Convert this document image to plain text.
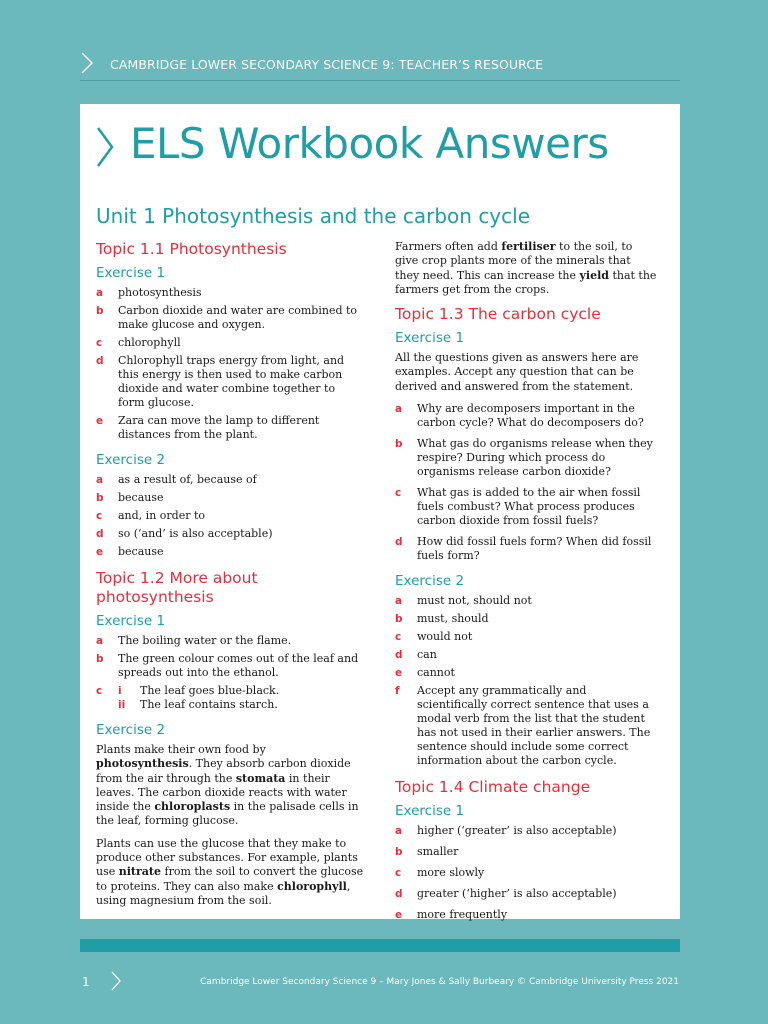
CAMBRIDGE LOWER SECONDARY SCIENCE 9: TEACHER’S RESOURCE
ELS Workbook Answers
Unit 1 Photosynthesis and the carbon cycle
Topic 1.1 Photosynthesis
Exercise 1
a photosynthesis
b Carbon dioxide and water are combined to make glucose and oxygen.
c chlorophyll
d Chlorophyll traps energy from light, and this energy is then used to make carbon dioxide and water combine together to form glucose.
e Zara can move the lamp to different distances from the plant.
Exercise 2
a as a result of, because of
b because
c and, in order to
d so (‘and’ is also acceptable)
e because
Topic 1.2 More about
photosynthesis
Exercise 1
a The boiling water or the flame.
b The green colour comes out of the leaf and spreads out into the ethanol.
c i The leaf goes blue-black.
ii The leaf contains starch.
Exercise 2

Plants make their own food by photosynthesis. They absorb carbon dioxide from the air through the stomata in their leaves. The carbon dioxide reacts with water inside the chloroplasts in the palisade cells in the leaf, forming glucose.

Plants can use the glucose that they make to produce other substances. For example, plants use nitrate from the soil to convert the glucose to proteins. They can also make chlorophyll, using magnesium from the soil.

Farmers often add fertiliser to the soil, to give crop plants more of the minerals that they need. This can increase the yield that the farmers get from the crops.

Topic 1.3 The carbon cycle
Exercise 1

All the questions given as answers here are examples. Accept any question that can be derived and answered from the statement.

a Why are decomposers important in the carbon cycle? What do decomposers do?
b What gas do organisms release when they respire? During which process do organisms release carbon dioxide?
c What gas is added to the air when fossil fuels combust? What process produces carbon dioxide from fossil fuels?
d How did fossil fuels form? When did fossil fuels form?
Exercise 2
a must not, should not
b must, should
c would not
d can
e cannot
f Accept any grammatically and scientifically correct sentence that uses a modal verb from the list that the student has not used in their earlier answers. The sentence should include some correct information about the carbon cycle.
Topic 1.4 Climate change
Exercise 1
a higher (‘greater’ is also acceptable)
b smaller
c more slowly
d greater (‘higher’ is also acceptable)
e more frequently
1	Cambridge Lower Secondary Science 9 – Mary Jones & Sally Burbeary © Cambridge University Press 2021
